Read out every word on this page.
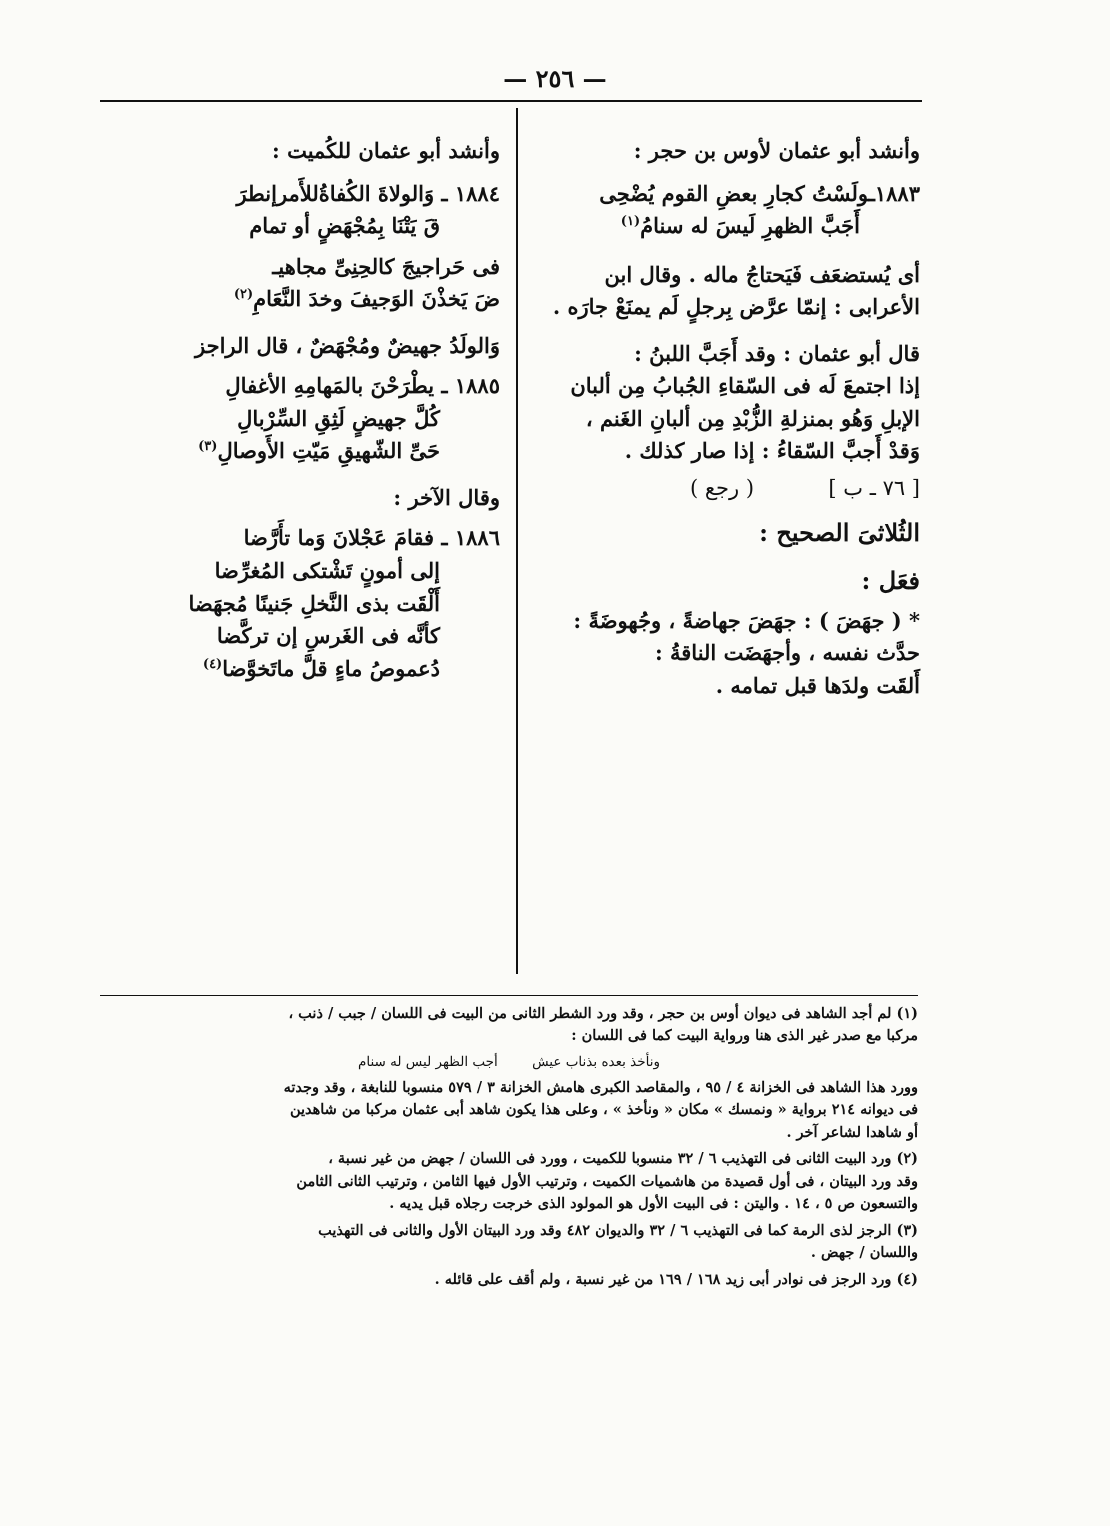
— ٢٥٦ —
وأنشد أبو عثمان لأوس بن حجر :
١٨٨٣ـولَسْتُ كجارِ بعضِ القوم يُضْحِى
أَجَبَّ الظهرِ لَيسَ له سنامُ$^{(١)}$
أى يُستضعَف فَيَحتاجُ ماله . وقال ابن
الأعرابى : إنمّا عرَّض بِرجلٍ لَم يمنَعْ جارَه .
قال أبو عثمان : وقد أَجَبَّ اللبنُ :
إذا اجتمعَ لَه فى السّقاءِ الجُبابُ مِن ألبان
الإبلِ وَهُو بمنزلةِ الزُّبْدِ مِن ألبانِ الغَنم ،
وَقدْ أَجبَّ السّقاءُ : إذا صار كذلك .
[ ٧٦ ـ ب ]
( رجع )
الثُلاثىَ الصحيح :
فعَل :
* ( جهَضَ ) : جهَضَ جهاضةً ، وجُهوضَةً :
حدَّث نفسه ، وأجهَضَت الناقةُ :
أَلقَت ولدَها قبل تمامه .
وأنشد أبو عثمان للكُميت :
١٨٨٤ ـ وَالولاةَ الكُفاةُللأَمرإنطرَ
قَ يَتْنَا بِمُجْهَضٍ أو تمام
فى حَراجيجَ كالحِنِىِّ مجاهيـ
ضَ يَخذْنَ الوَجيفَ وخدَ النَّعَامِ$^{(٢)}$
وَالولَدُ جهيضٌ ومُجْهَضٌ ، قال الراجز
١٨٨٥ ـ يطْرَحْنَ بالمَهامِهِ الأغفالِ
كُلَّ جهيضٍ لَثِقِ السِّرْبالِ
حَىِّ الشّهيقِ مَيّتِ الأَوصالِ$^{(٣)}$
وقال الآخر :
١٨٨٦ ـ فقامَ عَجْلانَ وَما تأَرَّضا
إلى أمونٍ تَشْتكى المُغرِّضا
أَلْقَت بذى النَّخلِ جَنينًا مُجهَضا
كأنَّه فى الغَرسِ إن تركَّضا
دُعموصُ ماءٍ قلَّ ماتَخوَّضا$^{(٤)}$

(١) لم أجد الشاهد فى ديوان أوس بن حجر ، وقد ورد الشطر الثانى من البيت فى اللسان / جبب / ذنب ،
مركبا مع صدر غير الذى هنا ورواية البيت كما فى اللسان :

ونأخذ بعده بذناب عيش        أجب الظهر ليس له سنام

وورد هذا الشاهد فى الخزانة ٤ / ٩٥ ، والمقاصد الكبرى هامش الخزانة ٣ / ٥٧٩ منسوبا للنابغة ، وقد وجدته
فى ديوانه ٢١٤ برواية « ونمسك » مكان « ونأخذ » ، وعلى هذا يكون شاهد أبى عثمان مركبا من شاهدين
أو شاهدا لشاعر آخر .

(٢) ورد البيت الثانى فى التهذيب ٦ / ٣٢ منسوبا للكميت ، وورد فى اللسان / جهض من غير نسبة ،
وقد ورد البيتان ، فى أول قصيدة من هاشميات الكميت ، وترتيب الأول فيها الثامن ، وترتيب الثانى الثامن
والتسعون ص ٥ ، ١٤ . واليتن : فى البيت الأول هو المولود الذى خرجت رجلاه قبل يديه .

(٣) الرجز لذى الرمة كما فى التهذيب ٦ / ٣٢ والديوان ٤٨٢ وقد ورد البيتان الأول والثانى فى التهذيب
واللسان / جهض .

(٤) ورد الرجز فى نوادر أبى زيد ١٦٨ / ١٦٩ من غير نسبة ، ولم أقف على قائله .
